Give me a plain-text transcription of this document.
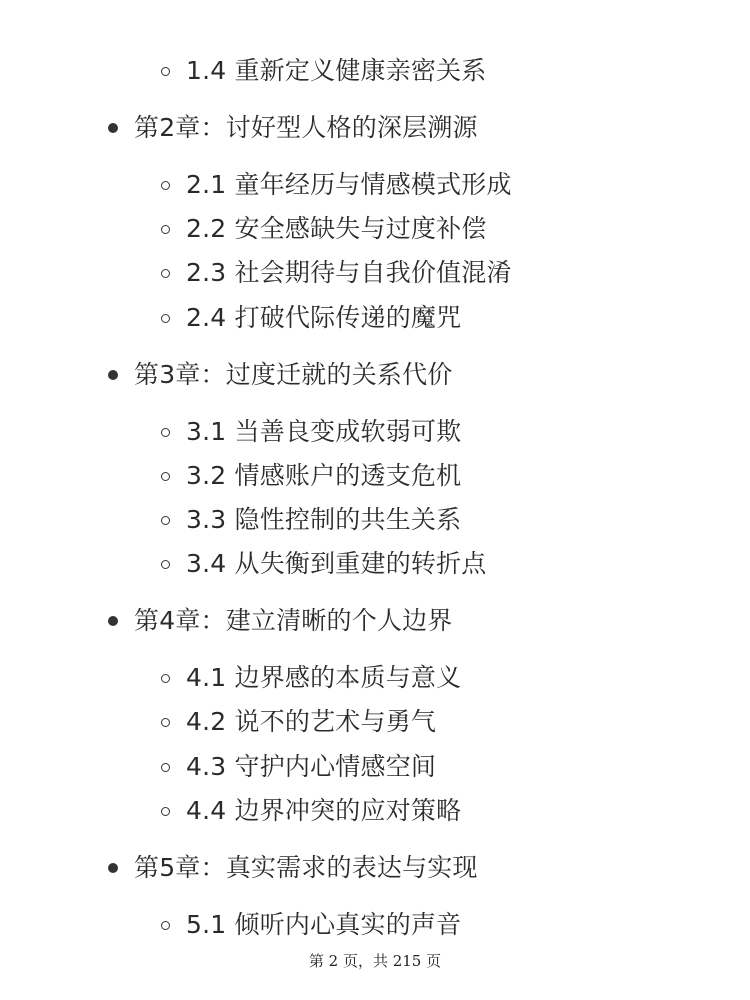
1.4 重新定义健康亲密关系
第2章：讨好型人格的深层溯源
2.1 童年经历与情感模式形成
2.2 安全感缺失与过度补偿
2.3 社会期待与自我价值混淆
2.4 打破代际传递的魔咒
第3章：过度迁就的关系代价
3.1 当善良变成软弱可欺
3.2 情感账户的透支危机
3.3 隐性控制的共生关系
3.4 从失衡到重建的转折点
第4章：建立清晰的个人边界
4.1 边界感的本质与意义
4.2 说不的艺术与勇气
4.3 守护内心情感空间
4.4 边界冲突的应对策略
第5章：真实需求的表达与实现
5.1 倾听内心真实的声音
第 2 页，共 215 页
